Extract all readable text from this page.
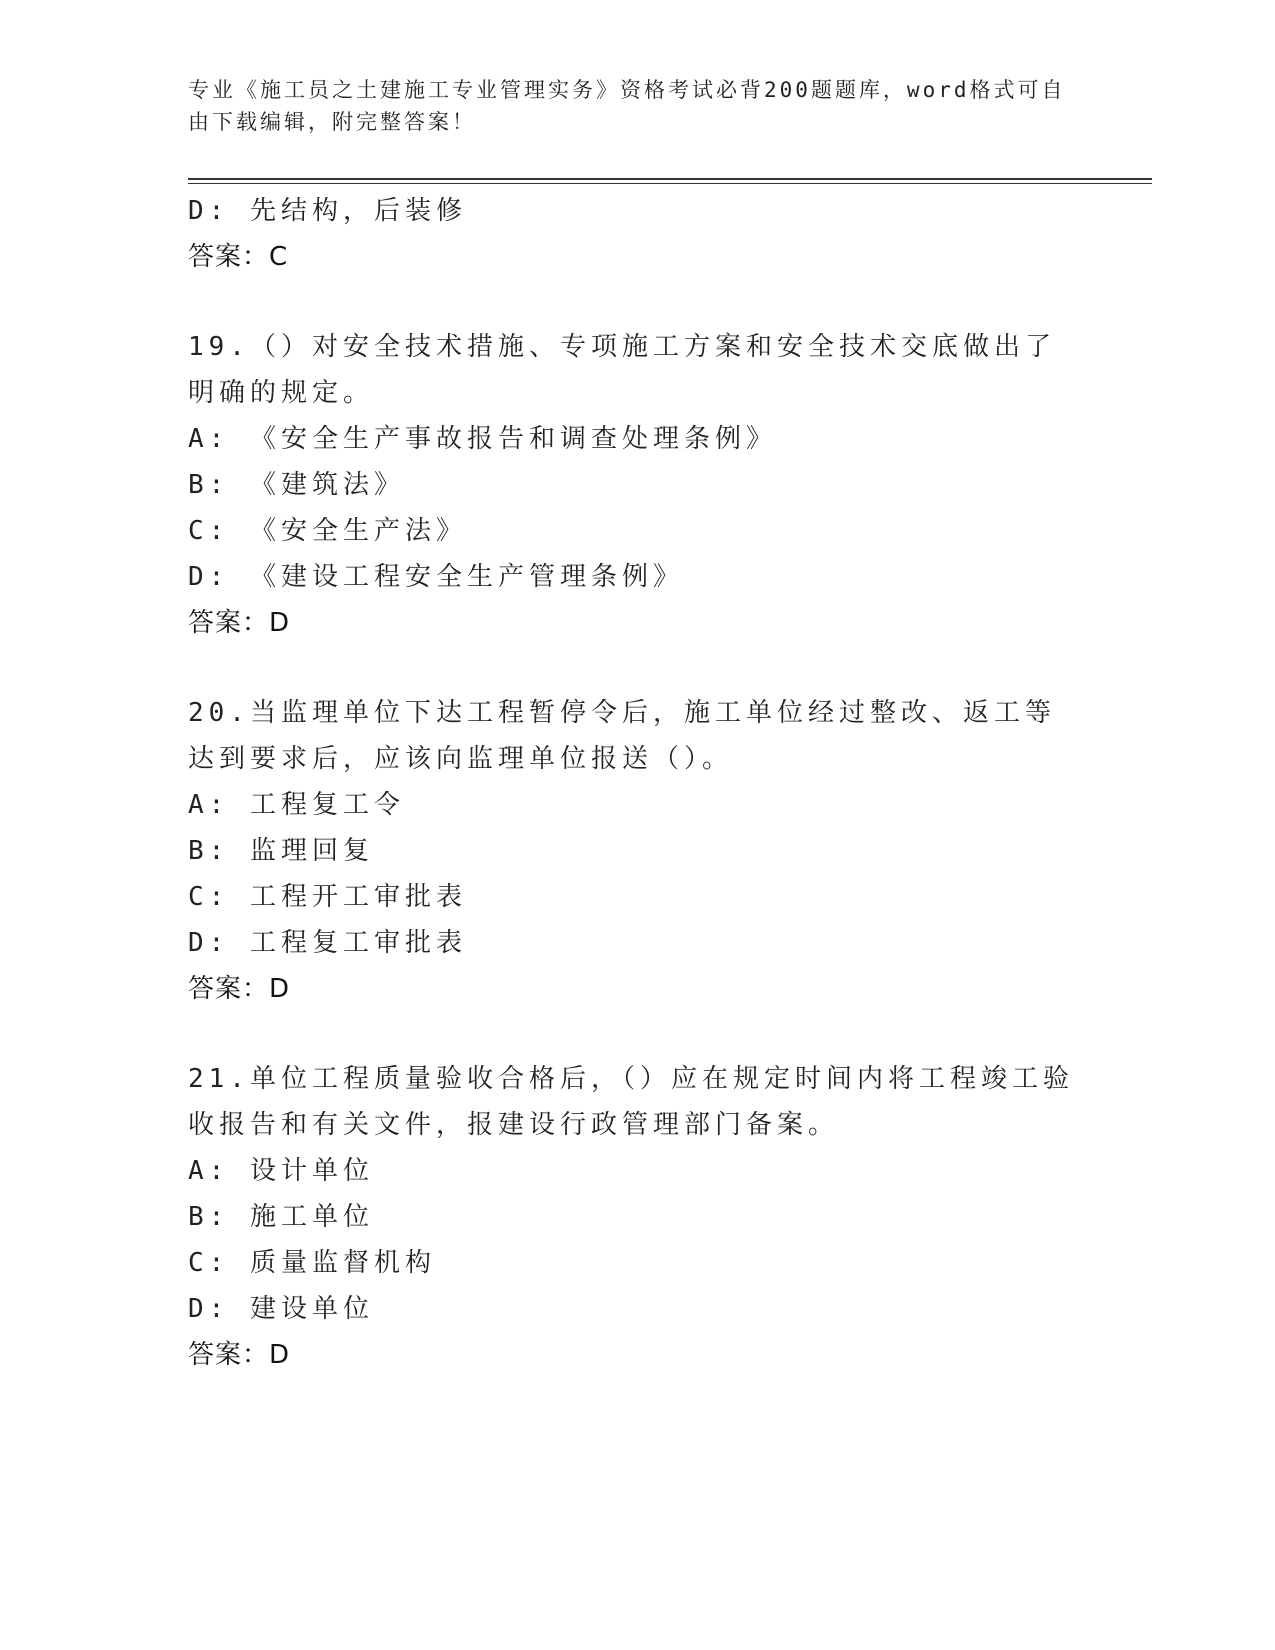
专业《施工员之土建施工专业管理实务》资格考试必背200题题库，word格式可自由下载编辑，附完整答案！
D: 先结构，后装修
答案：C
19.（）对安全技术措施、专项施工方案和安全技术交底做出了明确的规定。
A: 《安全生产事故报告和调查处理条例》
B: 《建筑法》
C: 《安全生产法》
D: 《建设工程安全生产管理条例》
答案：D
20.当监理单位下达工程暂停令后，施工单位经过整改、返工等达到要求后，应该向监理单位报送（）。
A: 工程复工令
B: 监理回复
C: 工程开工审批表
D: 工程复工审批表
答案：D
21.单位工程质量验收合格后，（）应在规定时间内将工程竣工验收报告和有关文件，报建设行政管理部门备案。
A: 设计单位
B: 施工单位
C: 质量监督机构
D: 建设单位
答案：D
